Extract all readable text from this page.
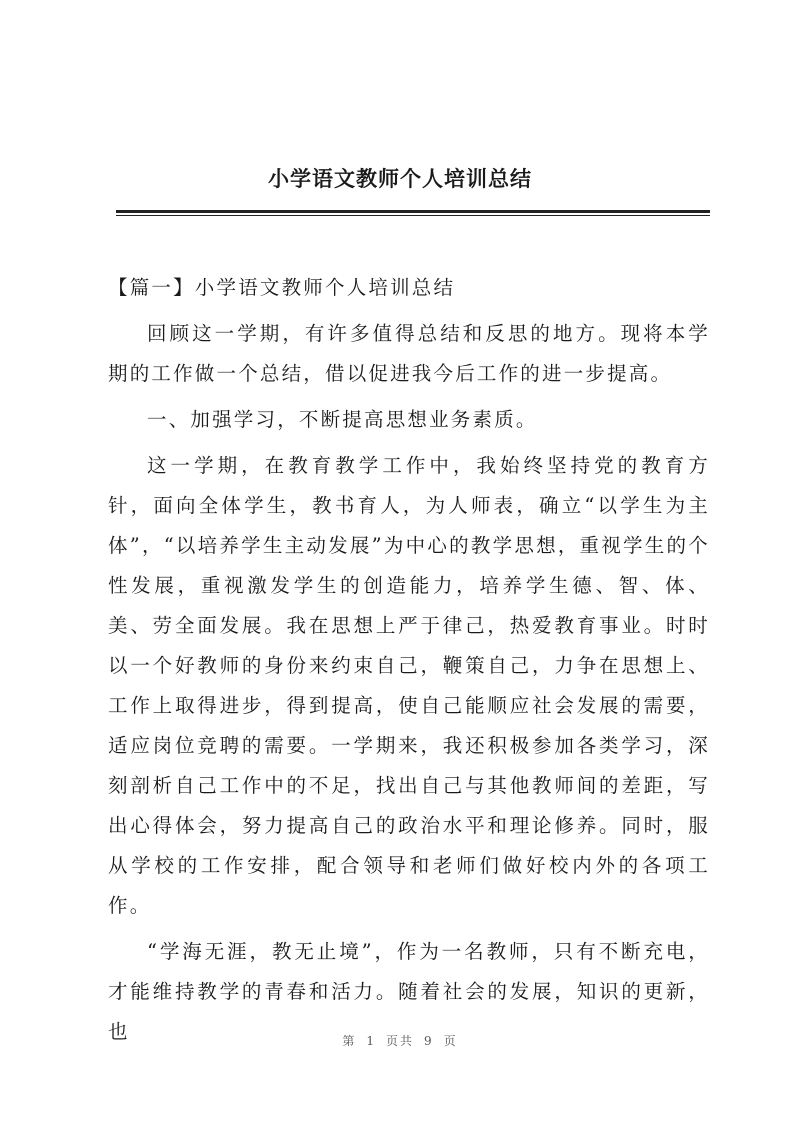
小学语文教师个人培训总结

【篇一】小学语文教师个人培训总结

回顾这一学期，有许多值得总结和反思的地方。现将本学期的工作做一个总结，借以促进我今后工作的进一步提高。

一、加强学习，不断提高思想业务素质。

这一学期，在教育教学工作中，我始终坚持党的教育方针，面向全体学生，教书育人，为人师表，确立“以学生为主体”，“以培养学生主动发展”为中心的教学思想，重视学生的个性发展，重视激发学生的创造能力，培养学生德、智、体、美、劳全面发展。我在思想上严于律己，热爱教育事业。时时以一个好教师的身份来约束自己，鞭策自己，力争在思想上、工作上取得进步，得到提高，使自己能顺应社会发展的需要，适应岗位竞聘的需要。一学期来，我还积极参加各类学习，深刻剖析自己工作中的不足，找出自己与其他教师间的差距，写出心得体会，努力提高自己的政治水平和理论修养。同时，服从学校的工作安排，配合领导和老师们做好校内外的各项工作。

“学海无涯，教无止境”，作为一名教师，只有不断充电，才能维持教学的青春和活力。随着社会的发展，知识的更新，也	第 1 页共 9 页
